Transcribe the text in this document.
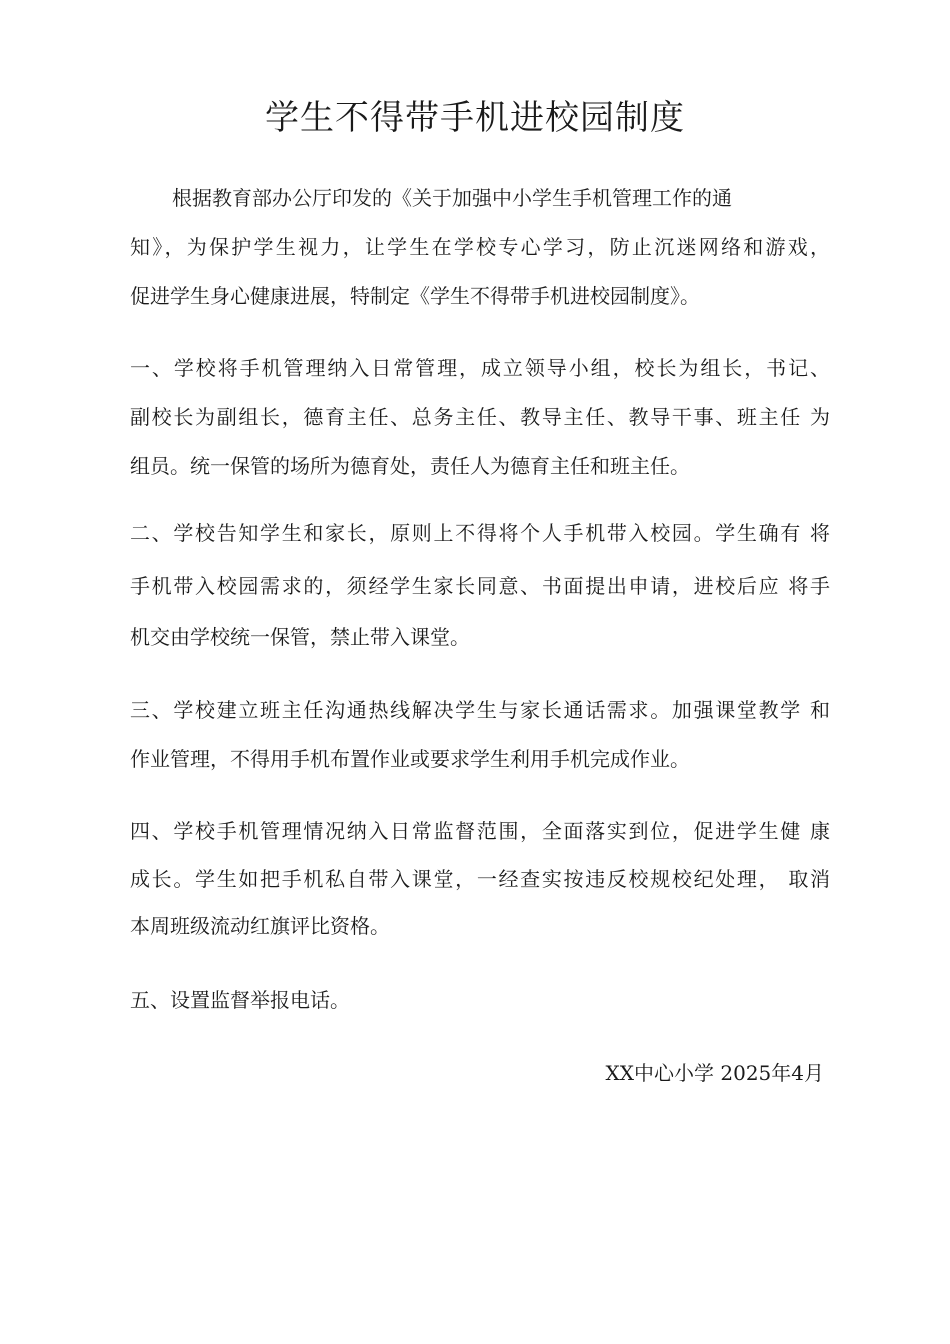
学生不得带手机进校园制度

根据教育部办公厅印发的《关于加强中小学生手机管理工作的通

知》，为保护学生视力，让学生在学校专心学习，防止沉迷网络和游戏，

促进学生身心健康进展，特制定《学生不得带手机进校园制度》。

一、学校将手机管理纳入日常管理，成立领导小组，校长为组长，书记、

副校长为副组长，德育主任、总务主任、教导主任、教导干事、班主任 为

组员。统一保管的场所为德育处，责任人为德育主任和班主任。

二、学校告知学生和家长，原则上不得将个人手机带入校园。学生确有 将

手机带入校园需求的，须经学生家长同意、书面提出申请，进校后应 将手

机交由学校统一保管，禁止带入课堂。

三、学校建立班主任沟通热线解决学生与家长通话需求。加强课堂教学 和

作业管理，不得用手机布置作业或要求学生利用手机完成作业。

四、学校手机管理情况纳入日常监督范围，全面落实到位，促进学生健 康

成长。学生如把手机私自带入课堂，一经查实按违反校规校纪处理， 取消

本周班级流动红旗评比资格。

五、设置监督举报电话。

XX中心小学 2025年4月
